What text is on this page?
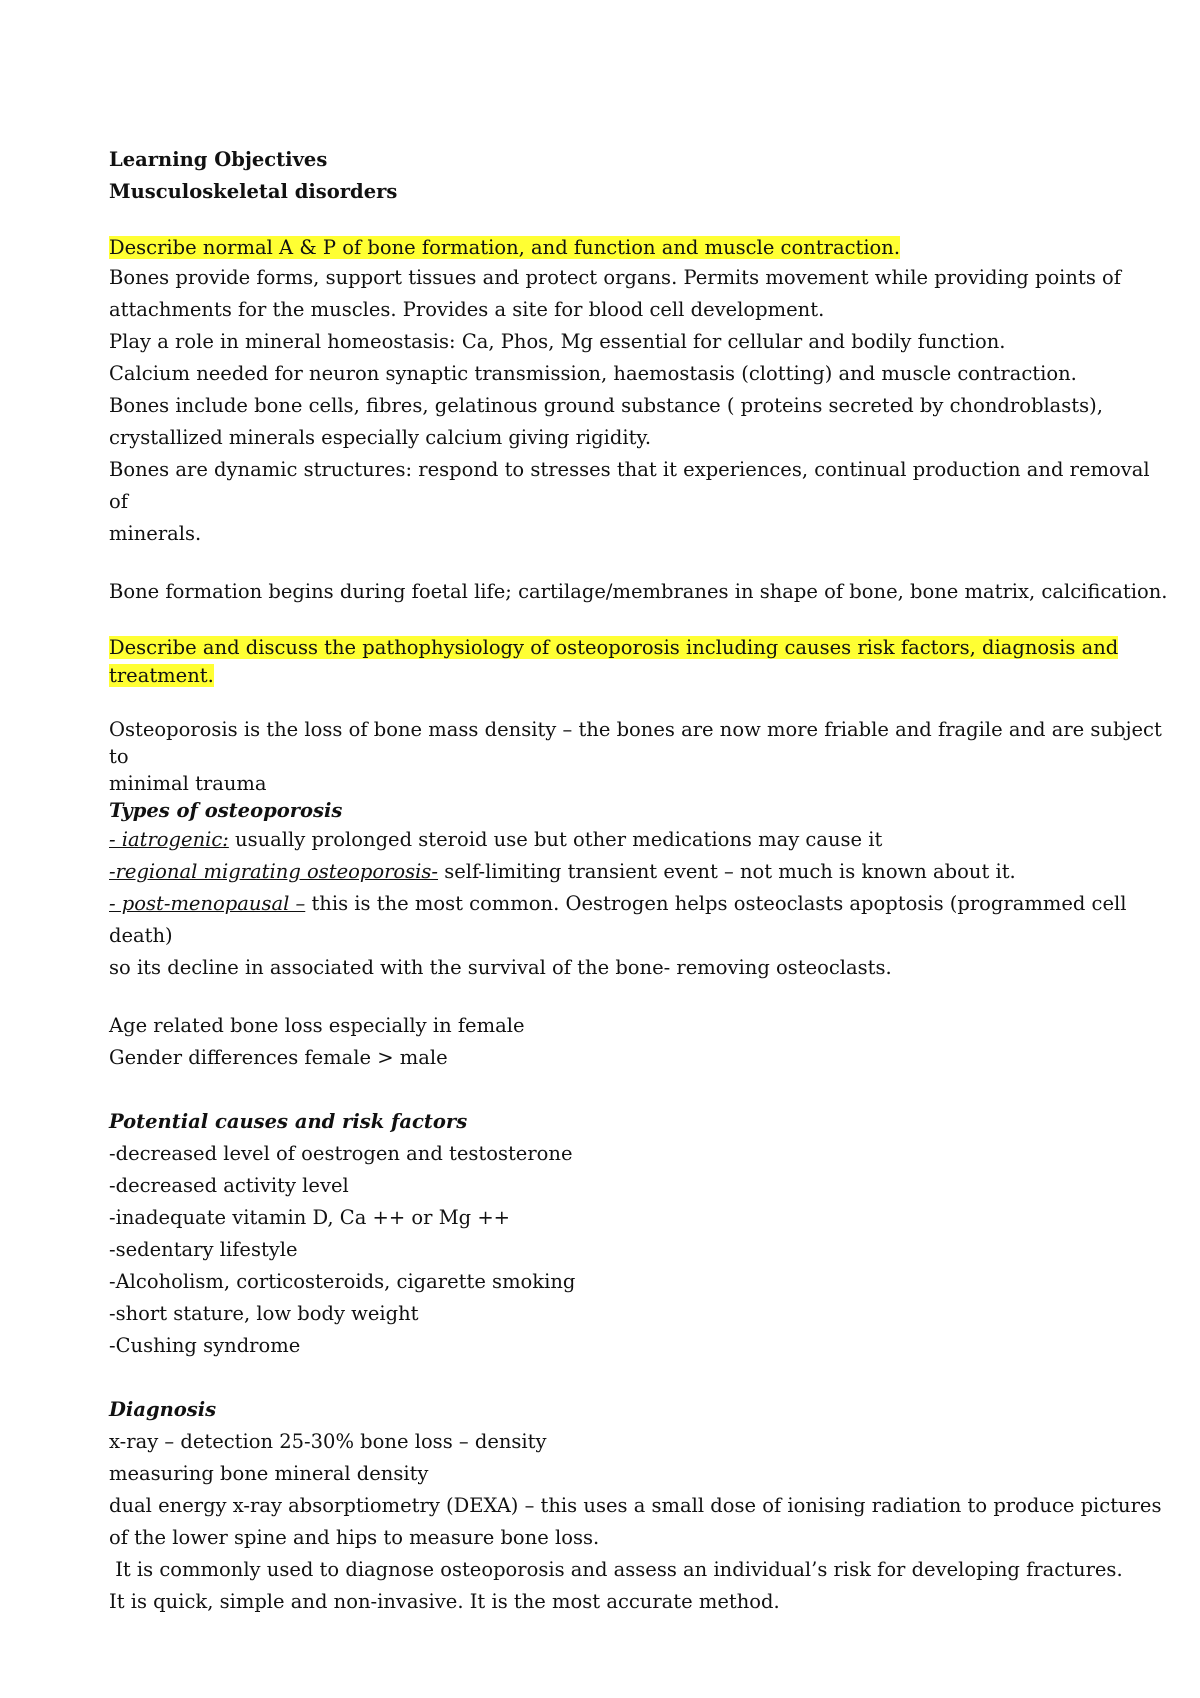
Learning Objectives

Musculoskeletal disorders

Describe normal A & P of bone formation, and function and muscle contraction.

Bones provide forms, support tissues and protect organs. Permits movement while providing points of

attachments for the muscles. Provides a site for blood cell development.

Play a role in mineral homeostasis: Ca, Phos, Mg essential for cellular and bodily function.

Calcium needed for neuron synaptic transmission, haemostasis (clotting) and muscle contraction.

Bones include bone cells, fibres, gelatinous ground substance ( proteins secreted by chondroblasts),

crystallized minerals especially calcium giving rigidity.

Bones are dynamic structures: respond to stresses that it experiences, continual production and removal of

minerals.

Bone formation begins during foetal life; cartilage/membranes in shape of bone, bone matrix, calcification.

Describe and discuss the pathophysiology of osteoporosis including causes risk factors, diagnosis and

treatment.

Osteoporosis is the loss of bone mass density – the bones are now more friable and fragile and are subject to

minimal trauma

Types of osteoporosis

- iatrogenic: usually prolonged steroid use but other medications may cause it

-regional migrating osteoporosis- self-limiting transient event – not much is known about it.

- post-menopausal – this is the most common. Oestrogen helps osteoclasts apoptosis (programmed cell death)

so its decline in associated with the survival of the bone- removing osteoclasts.

Age related bone loss especially in female

Gender differences female > male

Potential causes and risk factors

-decreased level of oestrogen and testosterone

-decreased activity level

-inadequate vitamin D, Ca ++ or Mg ++

-sedentary lifestyle

-Alcoholism, corticosteroids, cigarette smoking

-short stature, low body weight

-Cushing syndrome

Diagnosis

x-ray – detection 25-30% bone loss – density

measuring bone mineral density

dual energy x-ray absorptiometry (DEXA) – this uses a small dose of ionising radiation to produce pictures

of the lower spine and hips to measure bone loss.

It is commonly used to diagnose osteoporosis and assess an individual’s risk for developing fractures.

It is quick, simple and non-invasive. It is the most accurate method.
